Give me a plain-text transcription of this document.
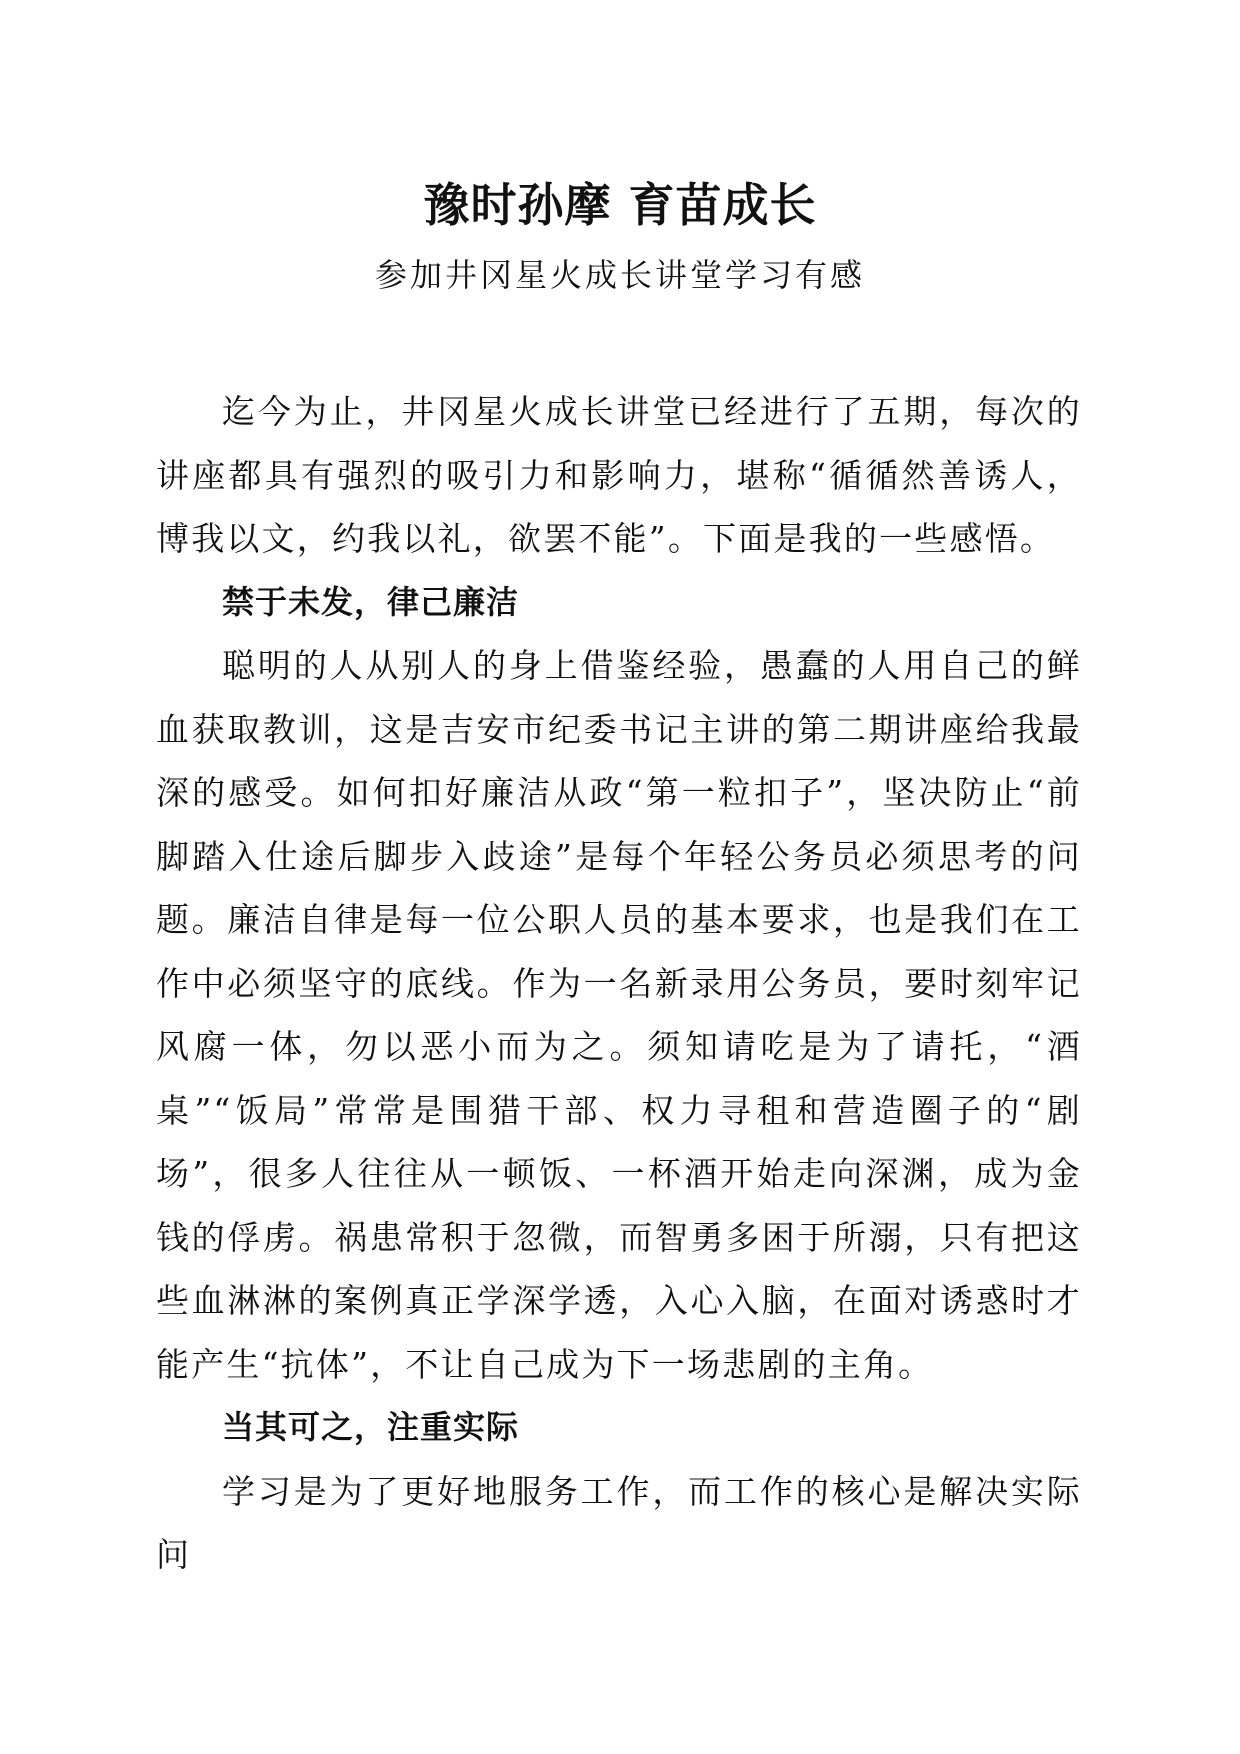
豫时孙摩 育苗成长
参加井冈星火成长讲堂学习有感

迄今为止，井冈星火成长讲堂已经进行了五期，每次的讲座都具有强烈的吸引力和影响力，堪称“循循然善诱人，博我以文，约我以礼，欲罢不能”。下面是我的一些感悟。

禁于未发，律己廉洁

聪明的人从别人的身上借鉴经验，愚蠢的人用自己的鲜血获取教训，这是吉安市纪委书记主讲的第二期讲座给我最深的感受。如何扣好廉洁从政“第一粒扣子”，坚决防止“前脚踏入仕途后脚步入歧途”是每个年轻公务员必须思考的问题。廉洁自律是每一位公职人员的基本要求，也是我们在工作中必须坚守的底线。作为一名新录用公务员，要时刻牢记风腐一体，勿以恶小而为之。须知请吃是为了请托，“酒桌”“饭局”常常是围猎干部、权力寻租和营造圈子的“剧场”，很多人往往从一顿饭、一杯酒开始走向深渊，成为金钱的俘虏。祸患常积于忽微，而智勇多困于所溺，只有把这些血淋淋的案例真正学深学透，入心入脑，在面对诱惑时才能产生“抗体”，不让自己成为下一场悲剧的主角。

当其可之，注重实际

学习是为了更好地服务工作，而工作的核心是解决实际问
